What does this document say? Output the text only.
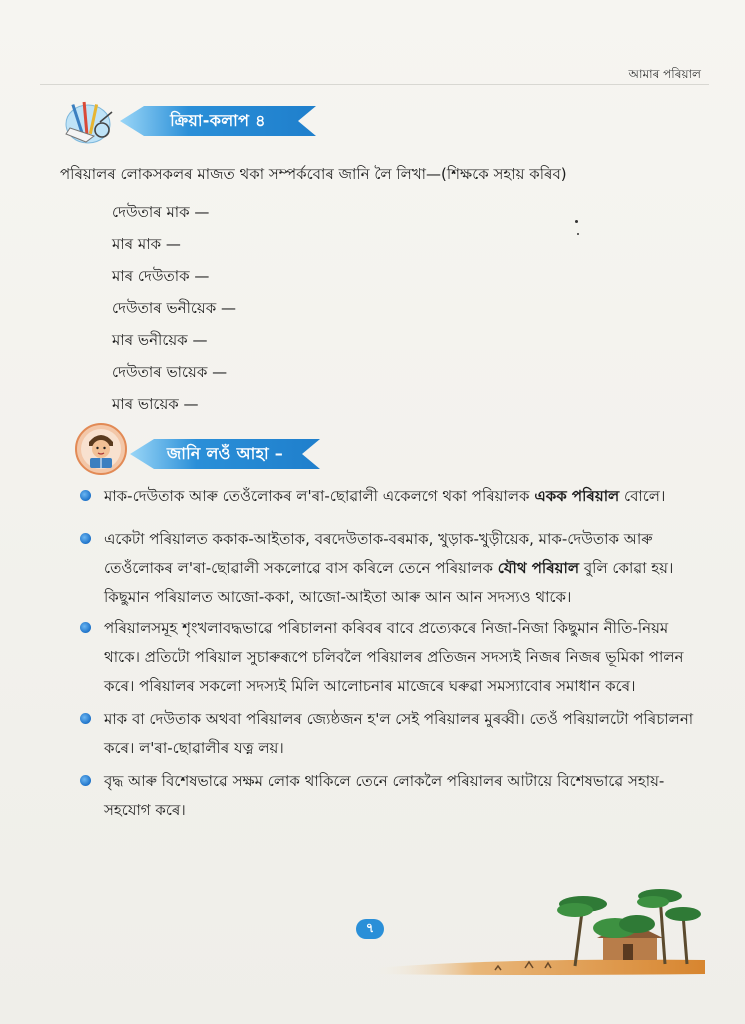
আমাৰ পৰিয়াল
ক্ৰিয়া-কলাপ ৪
পৰিয়ালৰ লোকসকলৰ মাজত থকা সম্পৰ্কবোৰ জানি লৈ লিখা—(শিক্ষকে সহায় কৰিব)
দেউতাৰ মাক —
মাৰ মাক —
মাৰ দেউতাক —
দেউতাৰ ভনীয়েক —
মাৰ ভনীয়েক —
দেউতাৰ ভায়েক —
মাৰ ভায়েক —
জানি লওঁ আহা –
মাক-দেউতাক আৰু তেওঁলোকৰ ল'ৰা-ছোৱালী একেলগে থকা পৰিয়ালক একক পৰিয়াল বোলে।
একেটা পৰিয়ালত ককাক-আইতাক, বৰদেউতাক-বৰমাক, খুড়াক-খুড়ীয়েক, মাক-দেউতাক আৰু তেওঁলোকৰ ল'ৰা-ছোৱালী সকলোৱে বাস কৰিলে তেনে পৰিয়ালক যৌথ পৰিয়াল বুলি কোৱা হয়। কিছুমান পৰিয়ালত আজো-ককা, আজো-আইতা আৰু আন আন সদস্যও থাকে।
পৰিয়ালসমূহ শৃংখলাবদ্ধভাৱে পৰিচালনা কৰিবৰ বাবে প্ৰত্যেকৰে নিজা-নিজা কিছুমান নীতি-নিয়ম থাকে। প্ৰতিটো পৰিয়াল সুচাৰুৰূপে চলিবলৈ পৰিয়ালৰ প্ৰতিজন সদস্যই নিজৰ নিজৰ ভূমিকা পালন কৰে। পৰিয়ালৰ সকলো সদস্যই মিলি আলোচনাৰ মাজেৰে ঘৰুৱা সমস্যাবোৰ সমাধান কৰে।
মাক বা দেউতাক অথবা পৰিয়ালৰ জ্যেষ্ঠজন হ'ল সেই পৰিয়ালৰ মুৰব্বী। তেওঁ পৰিয়ালটো পৰিচালনা কৰে। ল'ৰা-ছোৱালীৰ যত্ন লয়।
বৃদ্ধ আৰু বিশেষভাৱে সক্ষম লোক থাকিলে তেনে লোকলৈ পৰিয়ালৰ আটায়ে বিশেষভাৱে সহায়-সহযোগ কৰে।
৭
